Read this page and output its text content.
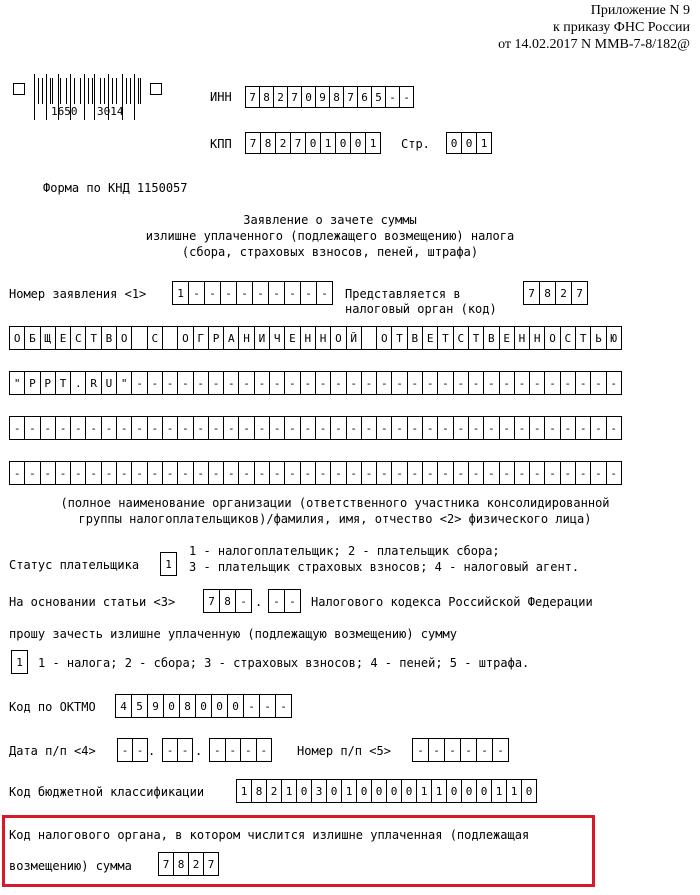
Приложение N 9
к приказу ФНС России
от 14.02.2017 N ММВ-7-8/182@
1650 3014
ИНН	7 8 2 7 0 9 8 7 6 5 - -
КПП	7 8 2 7 0 1 0 0 1	Стр.	0 0 1
Форма по КНД 1150057
Заявление о зачете суммы
излишне уплаченного (подлежащего возмещению) налога
(сбора, страховых взносов, пеней, штрафа)
Номер заявления <1>	1 - - - - - - - - -	Представляется в
налоговый орган (код)
7 8 2 7
О Б Щ Е С Т В О	С	О Г Р А Н И Ч Е Н Н О Й	О Т В Е Т С Т В Е Н Н О С Т Ь Ю
" P P T . R U " - - - - - - - - - - - - - - - - - - - - - - - - - - - - - - - -
- - - - - - - - - - - - - - - - - - - - - - - - - - - - - - - - - - - - - - - -
- - - - - - - - - - - - - - - - - - - - - - - - - - - - - - - - - - - - - - - -
(полное наименование организации (ответственного участника консолидированной
группы налогоплательщиков)/фамилия, имя, отчество <2> физического лица)
Статус плательщика	1
1 - налогоплательщик; 2 - плательщик сбора;
3 - плательщик страховых взносов; 4 - налоговый агент.
На основании статьи <3>	7 8 - . - -	Налогового кодекса Российской Федерации
прошу зачесть излишне уплаченную (подлежащую возмещению) сумму
1	1 - налога; 2 - сбора; 3 - страховых взносов; 4 - пеней; 5 - штрафа.
Код по ОКТМО	4 5 9 0 8 0 0 0 - - -
Дата п/п <4>	- - .	- - .	- - - -	Номер п/п <5>	- - - - - -
Код бюджетной классификации	1 8 2 1 0 3 0 1 0 0 0 0 1 1 0 0 0 1 1 0
Код налогового органа, в котором числится излишне уплаченная (подлежащая
возмещению) сумма	7 8 2 7
